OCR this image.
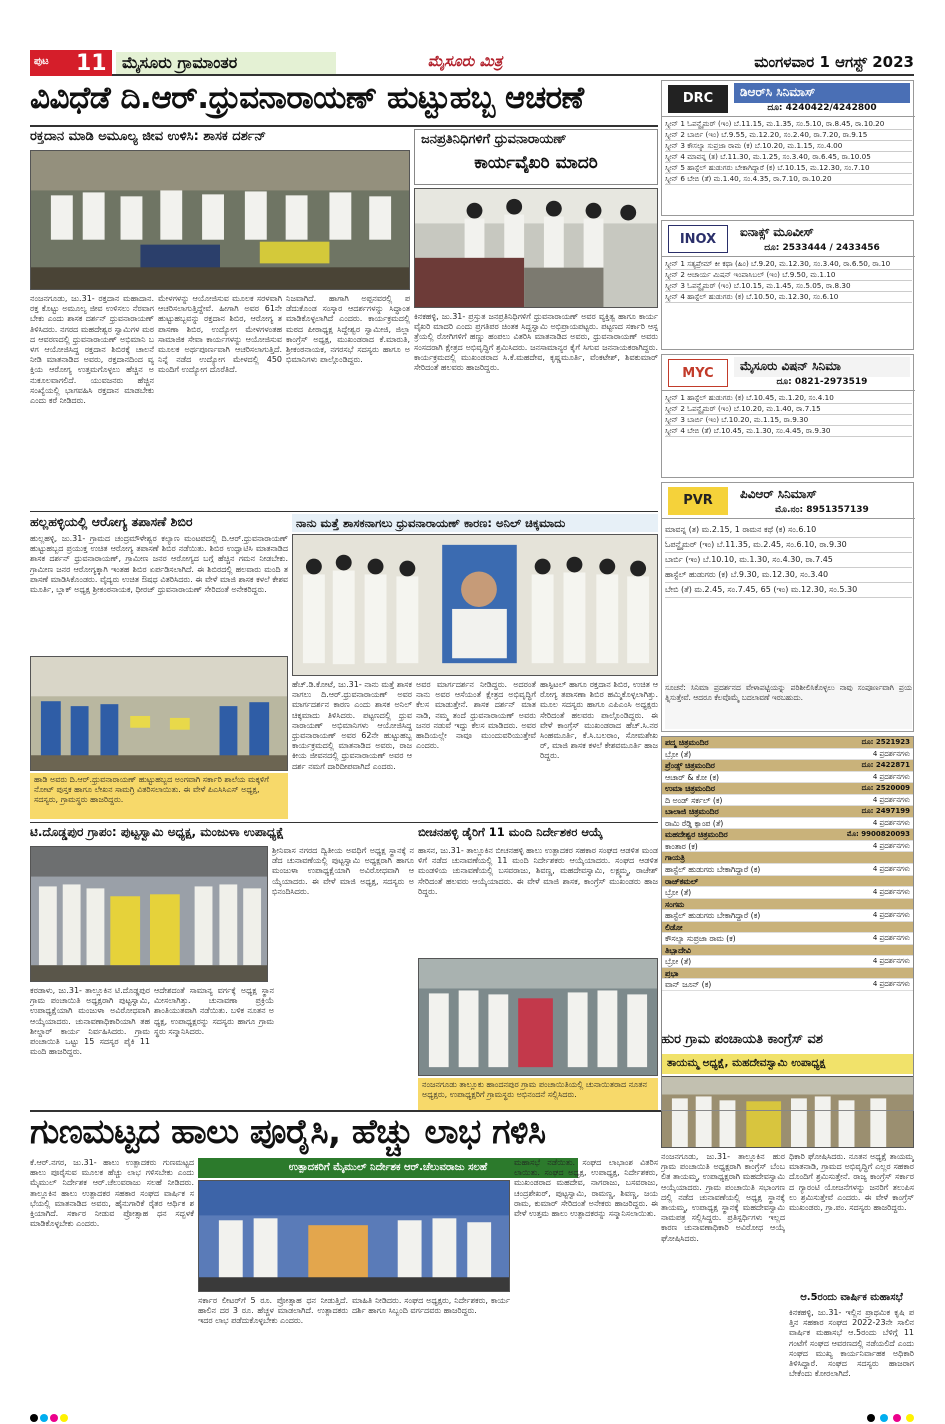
ಪುಟ 11 ಮೈಸೂರು ಗ್ರಾಮಾಂತರ	ಮೈಸೂರು ಮಿತ್ರ	ಮಂಗಳವಾರ 1 ಆಗಸ್ಟ್ 2023
ವಿವಿಧೆಡೆ ದಿ.ಆರ್.ಧ್ರುವನಾರಾಯಣ್ ಹುಟ್ಟುಹಬ್ಬ ಆಚರಣೆ
ರಕ್ತದಾನ ಮಾಡಿ ಅಮೂಲ್ಯ ಜೀವ ಉಳಿಸಿ: ಶಾಸಕ ದರ್ಶನ್
ನಂಜನಗೂಡು, ಜು.31- ರಕ್ತದಾನ ಮಹಾದಾನ. ರಕ್ತ ಕೊಟ್ಟು ಅಮೂಲ್ಯ ಜೀವ ಉಳಿಸಲು ನೆರವಾಗಬೇಕು ಎಂದು ಶಾಸಕ ದರ್ಶನ್ ಧ್ರುವನಾರಾಯಣ್ ತಿಳಿಸಿದರು. ನಗರದ ಮಹದೇಶ್ವರ ಸ್ವಾಮಿಗಳ ಮಠದ ಆವರಣದಲ್ಲಿ ಧ್ರುವನಾರಾಯಣ್ ಅಭಿಮಾನಿ ಬಳಗ ಆಯೋಜಿಸಿದ್ದ ರಕ್ತದಾನ ಶಿಬಿರಕ್ಕೆ ಚಾಲನೆ ನೀಡಿ ಮಾತನಾಡಿದ ಅವರು, ರಕ್ತದಾನದಿಂದ ವ್ಯಕ್ತಿಯ ಆರೋಗ್ಯ ಉತ್ತಮಗೊಳ್ಳಲು ಹೆಚ್ಚಿನ ಅನುಕೂಲವಾಗಲಿದೆ. ಯುವಜನರು ಹೆಚ್ಚಿನ ಸಂಖ್ಯೆಯಲ್ಲಿ ಭಾಗವಹಿಸಿ ರಕ್ತದಾನ ಮಾಡಬೇಕು ಎಂದು ಕರೆ ನೀಡಿದರು.
ಮೇಳಗಳನ್ನು ಆಯೋಜಿಸುವ ಮೂಲಕ ಸರಳವಾಗಿ ಆಚರಿಸಲಾಗುತ್ತಿದ್ದೇವೆ. ಹೀಗಾಗಿ ಅವರ 61ನೇ ಹುಟ್ಟುಹಬ್ಬವನ್ನು ರಕ್ತದಾನ ಶಿಬಿರ, ಆರೋಗ್ಯ ತಪಾಸಣಾ ಶಿಬಿರ, ಉದ್ಯೋಗ ಮೇಳಗಳಂತಹ ಸಾಮಾಜಿಕ ಸೇವಾ ಕಾರ್ಯಗಳನ್ನು ಆಯೋಜಿಸುವ ಮೂಲಕ ಅರ್ಥಪೂರ್ಣವಾಗಿ ಆಚರಿಸಲಾಗುತ್ತಿದೆ. ನಿನ್ನೆ ನಡೆದ ಉದ್ಯೋಗ ಮೇಳದಲ್ಲಿ 450 ಮಂದಿಗೆ ಉದ್ಯೋಗ ದೊರೆತಿದೆ.
ನಿಜವಾಗಿದೆ. ಹಾಗಾಗಿ ಅಪ್ಪನವರಲ್ಲಿ ಪಡೆದುಕೊಂಡ ಸಂಸ್ಕಾರ ಆದರ್ಶಗಳನ್ನು ಸಿದ್ಧಾಂತ ಮಾಡಿಕೊಳ್ಳಲಾಗಿದೆ ಎಂದರು. ಕಾರ್ಯಕ್ರಮದಲ್ಲಿ ಮಠದ ಪೀಠಾಧ್ಯಕ್ಷ ಸಿದ್ದೇಶ್ವರ ಸ್ವಾಮೀಜಿ, ಜಿಲ್ಲಾ ಕಾಂಗ್ರೆಸ್ ಅಧ್ಯಕ್ಷ, ಮುಖಂಡರಾದ ಕೆ.ಮಾರುತಿ, ಶ್ರೀಕಂಠನಾಯಕ, ನಗರಸಭೆ ಸದಸ್ಯರು ಹಾಗೂ ಅಭಿಮಾನಿಗಳು ಪಾಲ್ಗೊಂಡಿದ್ದರು.
ಜನಪ್ರತಿನಿಧಿಗಳಿಗೆ ಧ್ರುವನಾರಾಯಣ್
ಕಾರ್ಯವೈಖರಿ ಮಾದರಿ
ಕಿನಕಹಳ್ಳಿ, ಜು.31- ಪ್ರಸ್ತುತ ಜನಪ್ರತಿನಿಧಿಗಳಿಗೆ ಧ್ರುವನಾರಾಯಣ್ ಅವರ ವ್ಯಕ್ತಿತ್ವ ಹಾಗೂ ಕಾರ್ಯವೈಖರಿ ಮಾದರಿ ಎಂದು ಪ್ರಗತಿಪರ ಚಿಂತಕ ಸಿದ್ದಸ್ವಾಮಿ ಅಭಿಪ್ರಾಯಪಟ್ಟರು. ಪಟ್ಟಣದ ಸರ್ಕಾರಿ ಆಸ್ಪತ್ರೆಯಲ್ಲಿ ರೋಗಿಗಳಿಗೆ ಹಣ್ಣು ಹಂಪಲು ವಿತರಿಸಿ ಮಾತನಾಡಿದ ಅವರು, ಧ್ರುವನಾರಾಯಣ್ ಅವರು ಸಂಸದರಾಗಿ ಕ್ಷೇತ್ರದ ಅಭಿವೃದ್ಧಿಗೆ ಶ್ರಮಿಸಿದರು. ಜನಸಾಮಾನ್ಯರ ಕೈಗೆ ಸಿಗುವ ಜನನಾಯಕರಾಗಿದ್ದರು. ಕಾರ್ಯಕ್ರಮದಲ್ಲಿ ಮುಖಂಡರಾದ ಸಿ.ಕೆ.ಮಹದೇವ, ಕೃಷ್ಣಮೂರ್ತಿ, ವೆಂಕಟೇಶ್, ಶಿವಕುಮಾರ್ ಸೇರಿದಂತೆ ಹಲವರು ಹಾಜರಿದ್ದರು.
ಹಲ್ಲಹಳ್ಳಿಯಲ್ಲಿ ಆರೋಗ್ಯ ತಪಾಸಣೆ ಶಿಬಿರ
ಹುಲ್ಲಹಳ್ಳಿ, ಜು.31- ಗ್ರಾಮದ ಚಂದ್ರಮೌಳೇಶ್ವರ ಕಲ್ಯಾಣ ಮಂಟಪದಲ್ಲಿ ದಿ.ಆರ್.ಧ್ರುವನಾರಾಯಣ್ ಹುಟ್ಟುಹಬ್ಬದ ಪ್ರಯುಕ್ತ ಉಚಿತ ಆರೋಗ್ಯ ತಪಾಸಣೆ ಶಿಬಿರ ನಡೆಯಿತು. ಶಿಬಿರ ಉದ್ಘಾಟಿಸಿ ಮಾತನಾಡಿದ ಶಾಸಕ ದರ್ಶನ್ ಧ್ರುವನಾರಾಯಣ್, ಗ್ರಾಮೀಣ ಜನರ ಆರೋಗ್ಯದ ಬಗ್ಗೆ ಹೆಚ್ಚಿನ ಗಮನ ನೀಡಬೇಕು. ಗ್ರಾಮೀಣ ಜನರ ಆರೋಗ್ಯಕ್ಕಾಗಿ ಇಂತಹ ಶಿಬಿರ ಏರ್ಪಡಿಸಲಾಗಿದೆ. ಈ ಶಿಬಿರದಲ್ಲಿ ಹಲವಾರು ಮಂದಿ ತಪಾಸಣೆ ಮಾಡಿಸಿಕೊಂಡರು. ವೈದ್ಯರು ಉಚಿತ ಔಷಧ ವಿತರಿಸಿದರು. ಈ ವೇಳೆ ಮಾಜಿ ಶಾಸಕ ಕಳಲೆ ಕೇಶವಮೂರ್ತಿ, ಬ್ಲಾಕ್ ಅಧ್ಯಕ್ಷ ಶ್ರೀಕಂಠನಾಯಕ, ಧೀರಜ್ ಧ್ರುವನಾರಾಯಣ್ ಸೇರಿದಂತೆ ಅನೇಕರಿದ್ದರು.
ಹಾಡಿ ಅವರು ದಿ.ಆರ್.ಧ್ರುವನಾರಾಯಣ್ ಹುಟ್ಟುಹಬ್ಬದ ಅಂಗವಾಗಿ ಸರ್ಕಾರಿ ಶಾಲೆಯ ಮಕ್ಕಳಿಗೆ ನೋಟ್ ಪುಸ್ತಕ ಹಾಗೂ ಲೇಖನ ಸಾಮಗ್ರಿ ವಿತರಿಸಲಾಯಿತು. ಈ ವೇಳೆ ಪಿಎಸಿಸಿಎಸ್ ಅಧ್ಯಕ್ಷ, ಸದಸ್ಯರು, ಗ್ರಾಮಸ್ಥರು ಹಾಜರಿದ್ದರು.
ನಾನು ಮತ್ತೆ ಶಾಸಕನಾಗಲು ಧ್ರುವನಾರಾಯಣ್ ಕಾರಣ: ಅನಿಲ್ ಚಿಕ್ಕಮಾದು
ಹೆಚ್.ಡಿ.ಕೋಟೆ, ಜು.31- ನಾನು ಮತ್ತೆ ಶಾಸಕನಾಗಲು ದಿ.ಆರ್.ಧ್ರುವನಾರಾಯಣ್ ಅವರ ಮಾರ್ಗದರ್ಶನ ಕಾರಣ ಎಂದು ಶಾಸಕ ಅನಿಲ್ ಚಿಕ್ಕಮಾದು ತಿಳಿಸಿದರು. ಪಟ್ಟಣದಲ್ಲಿ ಧ್ರುವನಾರಾಯಣ್ ಅಭಿಮಾನಿಗಳು ಆಯೋಜಿಸಿದ್ದ ಧ್ರುವನಾರಾಯಣ್ ಅವರ 62ನೇ ಹುಟ್ಟುಹಬ್ಬ ಕಾರ್ಯಕ್ರಮದಲ್ಲಿ ಮಾತನಾಡಿದ ಅವರು, ರಾಜಕೀಯ ಜೀವನದಲ್ಲಿ ಧ್ರುವನಾರಾಯಣ್ ಅವರ ಆದರ್ಶ ನಮಗೆ ದಾರಿದೀಪವಾಗಿದೆ ಎಂದರು.
ಅವರ ಮಾರ್ಗದರ್ಶನ ನೀಡಿದ್ದರು. ಅದರಂತೆ ನಾನು ಅವರ ಆಸೆಯಂತೆ ಕ್ಷೇತ್ರದ ಅಭಿವೃದ್ಧಿಗೆ ಕೆಲಸ ಮಾಡುತ್ತೇನೆ. ಶಾಸಕ ದರ್ಶನ್ ಮಾತನಾಡಿ, ನಮ್ಮ ತಂದೆ ಧ್ರುವನಾರಾಯಣ್ ಅವರು ಜನರ ನಡುವೆ ಇದ್ದು ಕೆಲಸ ಮಾಡಿದರು. ಅವರ ಹಾದಿಯಲ್ಲೇ ನಾವೂ ಮುಂದುವರಿಯುತ್ತೇವೆ ಎಂದರು.
ಹಾಸ್ಪಿಟಲ್ ಹಾಗೂ ರಕ್ತದಾನ ಶಿಬಿರ, ಉಚಿತ ಆರೋಗ್ಯ ತಪಾಸಣಾ ಶಿಬಿರ ಹಮ್ಮಿಕೊಳ್ಳಲಾಗಿತ್ತು. ಮೂಲ ಸದಸ್ಯರು ಹಾಗೂ ಎಪಿಎಂಸಿ ಅಧ್ಯಕ್ಷರು ಸೇರಿದಂತೆ ಹಲವರು ಪಾಲ್ಗೊಂಡಿದ್ದರು. ಈ ವೇಳೆ ಕಾಂಗ್ರೆಸ್ ಮುಖಂಡರಾದ ಹೆಚ್.ಸಿ.ನರಸಿಂಹಮೂರ್ತಿ, ಕೆ.ಸಿ.ಬಲರಾಂ, ಸೋಮಶೇಖರ್, ಮಾಜಿ ಶಾಸಕ ಕಳಲೆ ಕೇಶವಮೂರ್ತಿ ಹಾಜರಿದ್ದರು.
ಟಿ.ದೊಡ್ಡಪುರ ಗ್ರಾಪಂ: ಪುಟ್ಟಸ್ವಾಮಿ ಅಧ್ಯಕ್ಷ, ಮಂಜುಳಾ ಉಪಾಧ್ಯಕ್ಷೆ
ಶ್ರೀನಿವಾಸ ನಗರದ ದ್ವಿತೀಯ ಅವಧಿಗೆ ಅಧ್ಯಕ್ಷ ಸ್ಥಾನಕ್ಕೆ ನಡೆದ ಚುನಾವಣೆಯಲ್ಲಿ ಪುಟ್ಟಸ್ವಾಮಿ ಅಧ್ಯಕ್ಷರಾಗಿ ಹಾಗೂ ಮಂಜುಳಾ ಉಪಾಧ್ಯಕ್ಷೆಯಾಗಿ ಅವಿರೋಧವಾಗಿ ಆಯ್ಕೆಯಾದರು. ಈ ವೇಳೆ ಮಾಜಿ ಅಧ್ಯಕ್ಷ, ಸದಸ್ಯರು ಅಭಿನಂದಿಸಿದರು.
ಕರಡಾಳು, ಜು.31- ತಾಲ್ಲೂಕಿನ ಟಿ.ದೊಡ್ಡಪುರ ಗ್ರಾಮ ಪಂಚಾಯಿತಿ ಅಧ್ಯಕ್ಷರಾಗಿ ಪುಟ್ಟಸ್ವಾಮಿ, ಉಪಾಧ್ಯಕ್ಷೆಯಾಗಿ ಮಂಜುಳಾ ಅವಿರೋಧವಾಗಿ ಆಯ್ಕೆಯಾದರು. ಚುನಾವಣಾಧಿಕಾರಿಯಾಗಿ ತಹಶೀಲ್ದಾರ್ ಕಾರ್ಯ ನಿರ್ವಹಿಸಿದರು. ಗ್ರಾಮ ಪಂಚಾಯಿತಿ ಒಟ್ಟು 15 ಸದಸ್ಯರ ಪೈಕಿ 11 ಮಂದಿ ಹಾಜರಿದ್ದರು.
ಆದೇಶದಂತೆ ಸಾಮಾನ್ಯ ವರ್ಗಕ್ಕೆ ಅಧ್ಯಕ್ಷ ಸ್ಥಾನ ಮೀಸಲಾಗಿತ್ತು. ಚುನಾವಣಾ ಪ್ರಕ್ರಿಯೆ ಶಾಂತಿಯುತವಾಗಿ ನಡೆಯಿತು. ಬಳಿಕ ನೂತನ ಅಧ್ಯಕ್ಷ, ಉಪಾಧ್ಯಕ್ಷರನ್ನು ಸದಸ್ಯರು ಹಾಗೂ ಗ್ರಾಮಸ್ಥರು ಸನ್ಮಾನಿಸಿದರು.
ಬೀಚನಹಳ್ಳಿ ಡೈರಿಗೆ 11 ಮಂದಿ ನಿರ್ದೇಶಕರ ಆಯ್ಕೆ
ಹಾಸನ, ಜು.31- ತಾಲ್ಲೂಕಿನ ಬೀಚನಹಳ್ಳಿ ಹಾಲು ಉತ್ಪಾದಕರ ಸಹಕಾರ ಸಂಘದ ಆಡಳಿತ ಮಂಡಳಿಗೆ ನಡೆದ ಚುನಾವಣೆಯಲ್ಲಿ 11 ಮಂದಿ ನಿರ್ದೇಶಕರು ಆಯ್ಕೆಯಾದರು. ಸಂಘದ ಆಡಳಿತ ಮಂಡಳಿಯ ಚುನಾವಣೆಯಲ್ಲಿ ಬಸವರಾಜು, ಶಿವಣ್ಣ, ಮಹದೇವಸ್ವಾಮಿ, ಲಕ್ಷ್ಮಮ್ಮ, ರಾಜೇಶ್ ಸೇರಿದಂತೆ ಹಲವರು ಆಯ್ಕೆಯಾದರು. ಈ ವೇಳೆ ಮಾಜಿ ಶಾಸಕ, ಕಾಂಗ್ರೆಸ್ ಮುಖಂಡರು ಹಾಜರಿದ್ದರು.
ನಂಜನಗೂಡು ತಾಲ್ಲೂಕು ಹಾಂದನಪುರ ಗ್ರಾಮ ಪಂಚಾಯಿತಿಯಲ್ಲಿ ಚುನಾಯಿತರಾದ ನೂತನ ಅಧ್ಯಕ್ಷರು, ಉಪಾಧ್ಯಕ್ಷರಿಗೆ ಗ್ರಾಮಸ್ಥರು ಅಭಿನಂದನೆ ಸಲ್ಲಿಸಿದರು.
ಗುಣಮಟ್ಟದ ಹಾಲು ಪೂರೈಸಿ, ಹೆಚ್ಚು ಲಾಭ ಗಳಿಸಿ
ಉತ್ಪಾದಕರಿಗೆ ಮೈಮುಲ್ ನಿರ್ದೇಶಕ ಆರ್.ಚೆಲುವರಾಜು ಸಲಹೆ
ಕೆ.ಆರ್.ನಗರ, ಜು.31- ಹಾಲು ಉತ್ಪಾದಕರು ಗುಣಮಟ್ಟದ ಹಾಲು ಪೂರೈಸುವ ಮೂಲಕ ಹೆಚ್ಚು ಲಾಭ ಗಳಿಸಬೇಕು ಎಂದು ಮೈಮುಲ್ ನಿರ್ದೇಶಕ ಆರ್.ಚೆಲುವರಾಜು ಸಲಹೆ ನೀಡಿದರು. ತಾಲ್ಲೂಕಿನ ಹಾಲು ಉತ್ಪಾದಕರ ಸಹಕಾರ ಸಂಘದ ವಾರ್ಷಿಕ ಸಭೆಯಲ್ಲಿ ಮಾತನಾಡಿದ ಅವರು, ಹೈನುಗಾರಿಕೆ ರೈತರ ಆರ್ಥಿಕ ಶಕ್ತಿಯಾಗಿದೆ. ಸರ್ಕಾರ ನೀಡುವ ಪ್ರೋತ್ಸಾಹ ಧನ ಸದ್ಬಳಕೆ ಮಾಡಿಕೊಳ್ಳಬೇಕು ಎಂದರು.
ಸರ್ಕಾರ ಲೀಟರ್‌ಗೆ 5 ರೂ. ಪ್ರೋತ್ಸಾಹ ಧನ ನೀಡುತ್ತಿದೆ. ಹಾಲಿನ ದರ 3 ರೂ. ಹೆಚ್ಚಳ ಮಾಡಲಾಗಿದೆ. ಉತ್ಪಾದಕರು ಇದರ ಲಾಭ ಪಡೆದುಕೊಳ್ಳಬೇಕು ಎಂದರು.
ಮಾಹಿತಿ ನೀಡಿದರು. ಸಂಘದ ಅಧ್ಯಕ್ಷರು, ನಿರ್ದೇಶಕರು, ಕಾರ್ಯದರ್ಶಿ ಹಾಗೂ ಸಿಬ್ಬಂದಿ ವರ್ಗದವರು ಹಾಜರಿದ್ದರು.
ಮಹಾಸಭೆ ನಡೆಯಿತು. ಸಂಘದ ಲಾಭಾಂಶ ವಿತರಿಸಲಾಯಿತು. ಸಂಘದ ಅಧ್ಯಕ್ಷ, ಉಪಾಧ್ಯಕ್ಷ, ನಿರ್ದೇಶಕರು, ಮುಖಂಡರಾದ ಮಹದೇವ, ನಾಗರಾಜು, ಬಸವರಾಜು, ಚಂದ್ರಶೇಖರ್, ಪುಟ್ಟಸ್ವಾಮಿ, ರಾಮಣ್ಣ, ಶಿವಣ್ಣ, ಜಯರಾಮ, ಕುಮಾರ್ ಸೇರಿದಂತೆ ಅನೇಕರು ಹಾಜರಿದ್ದರು. ಈ ವೇಳೆ ಉತ್ತಮ ಹಾಲು ಉತ್ಪಾದಕರನ್ನು ಸನ್ಮಾನಿಸಲಾಯಿತು.
ಹುರ ಗ್ರಾಮ ಪಂಚಾಯತಿ ಕಾಂಗ್ರೆಸ್ ವಶ
ತಾಯಮ್ಮ ಅಧ್ಯಕ್ಷೆ, ಮಹದೇವಸ್ವಾಮಿ ಉಪಾಧ್ಯಕ್ಷ
ನಂಜನಗೂಡು, ಜು.31- ತಾಲ್ಲೂಕಿನ ಹುರ ಗ್ರಾಮ ಪಂಚಾಯಿತಿ ಅಧ್ಯಕ್ಷರಾಗಿ ಕಾಂಗ್ರೆಸ್ ಬೆಂಬಲಿತ ತಾಯಮ್ಮ, ಉಪಾಧ್ಯಕ್ಷರಾಗಿ ಮಹದೇವಸ್ವಾಮಿ ಆಯ್ಕೆಯಾದರು. ಗ್ರಾಮ ಪಂಚಾಯಿತಿ ಸಭಾಂಗಣದಲ್ಲಿ ನಡೆದ ಚುನಾವಣೆಯಲ್ಲಿ ಅಧ್ಯಕ್ಷ ಸ್ಥಾನಕ್ಕೆ ತಾಯಮ್ಮ, ಉಪಾಧ್ಯಕ್ಷ ಸ್ಥಾನಕ್ಕೆ ಮಹದೇವಸ್ವಾಮಿ ನಾಮಪತ್ರ ಸಲ್ಲಿಸಿದ್ದರು. ಪ್ರತಿಸ್ಪರ್ಧಿಗಳು ಇಲ್ಲದ ಕಾರಣ ಚುನಾವಣಾಧಿಕಾರಿ ಅವಿರೋಧ ಆಯ್ಕೆ ಘೋಷಿಸಿದರು.
ಧಿಕಾರಿ ಘೋಷಿಸಿದರು. ನೂತನ ಅಧ್ಯಕ್ಷೆ ತಾಯಮ್ಮ ಮಾತನಾಡಿ, ಗ್ರಾಮದ ಅಭಿವೃದ್ಧಿಗೆ ಎಲ್ಲರ ಸಹಕಾರದೊಂದಿಗೆ ಶ್ರಮಿಸುತ್ತೇನೆ. ರಾಜ್ಯ ಕಾಂಗ್ರೆಸ್ ಸರ್ಕಾರದ ಗ್ಯಾರಂಟಿ ಯೋಜನೆಗಳನ್ನು ಜನರಿಗೆ ತಲುಪಿಸಲು ಶ್ರಮಿಸುತ್ತೇವೆ ಎಂದರು. ಈ ವೇಳೆ ಕಾಂಗ್ರೆಸ್ ಮುಖಂಡರು, ಗ್ರಾ.ಪಂ. ಸದಸ್ಯರು ಹಾಜರಿದ್ದರು.
ಆ.5ರಂದು ವಾರ್ಷಿಕ ಮಹಾಸಭೆ
ಕಿನಕಹಳ್ಳಿ, ಜು.31- ಇಲ್ಲಿನ ಪ್ರಾಥಮಿಕ ಕೃಷಿ ಪತ್ತಿನ ಸಹಕಾರ ಸಂಘದ 2022-23ನೇ ಸಾಲಿನ ವಾರ್ಷಿಕ ಮಹಾಸಭೆ ಆ.5ರಂದು ಬೆಳಿಗ್ಗೆ 11 ಗಂಟೆಗೆ ಸಂಘದ ಆವರಣದಲ್ಲಿ ನಡೆಯಲಿದೆ ಎಂದು ಸಂಘದ ಮುಖ್ಯ ಕಾರ್ಯನಿರ್ವಾಹಕ ಅಧಿಕಾರಿ ತಿಳಿಸಿದ್ದಾರೆ. ಸಂಘದ ಸದಸ್ಯರು ಹಾಜರಾಗಬೇಕೆಂದು ಕೋರಲಾಗಿದೆ.
DRC	ಡಿಆರ್‌ಸಿ ಸಿನಿಮಾಸ್
ದೂ: 4240422/4242800
ಸ್ಕ್ರೀನ್ 1 ಓಪನ್ಹೈಮರ್ (ಇಂ) ಬೆ.11.15, ಮ.1.35, ಸಂ.5.10, ರಾ.8.45, ರಾ.10.20
ಸ್ಕ್ರೀನ್ 2 ಬಾರ್ಬಿ (ಇಂ) ಬೆ.9.55, ಮ.12.20, ಸಂ.2.40, ರಾ.7.20, ರಾ.9.15
ಸ್ಕ್ರೀನ್ 3 ಕೌಸಲ್ಯಾ ಸುಪ್ರಜಾ ರಾಮ (ಕ) ಬೆ.10.20, ಮ.1.15, ಸಂ.4.00
ಸ್ಕ್ರೀನ್ 4 ಮಾವನ್ನ (ತ) ಬೆ.11.30, ಮ.1.25, ಸಂ.3.40, ರಾ.6.45, ರಾ.10.05
ಸ್ಕ್ರೀನ್ 5 ಹಾಸ್ಟೆಲ್ ಹುಡುಗರು ಬೇಕಾಗಿದ್ದಾರೆ (ಕ) ಬೆ.10.15, ಮ.12.30, ಸಂ.7.10
ಸ್ಕ್ರೀನ್ 6 ಬೇಬಿ (ತೆ) ಮ.1.40, ಸಂ.4.35, ರಾ.7.10, ರಾ.10.20
INOX	ಐನಾಕ್ಸ್ ಮೂವೀಸ್
ದೂ: 2533444 / 2433456
ಸ್ಕ್ರೀನ್ 1 ಸತ್ಯಪ್ರೇಮ್ ಕೀ ಕಥಾ (ಹಿಂ) ಬೆ.9.20, ಮ.12.30, ಸಂ.3.40, ರಾ.6.50, ರಾ.10
ಸ್ಕ್ರೀನ್ 2 ಆಚಾರ್ಯ ಮಿಷನ್ ಇಂಪಾಸಿಬಲ್ (ಇಂ) ಬೆ.9.50, ಮ.1.10
ಸ್ಕ್ರೀನ್ 3 ಓಪನ್ಹೈಮರ್ (ಇಂ) ಬೆ.10.15, ಮ.1.45, ಸಂ.5.05, ರಾ.8.30
ಸ್ಕ್ರೀನ್ 4 ಹಾಸ್ಟೆಲ್ ಹುಡುಗರು (ಕ) ಬೆ.10.50, ಮ.12.30, ಸಂ.6.10
MYC	ಮೈಸೂರು ವಿಷನ್ ಸಿನಿಮಾ
ದೂ: 0821-2973519
ಸ್ಕ್ರೀನ್ 1 ಹಾಸ್ಟೆಲ್ ಹುಡುಗರು (ಕ) ಬೆ.10.45, ಮ.1.20, ಸಂ.4.10
ಸ್ಕ್ರೀನ್ 2 ಓಪನ್ಹೈಮರ್ (ಇಂ) ಬೆ.10.20, ಮ.1.40, ರಾ.7.15
ಸ್ಕ್ರೀನ್ 3 ಬಾರ್ಬಿ (ಇಂ) ಬೆ.10.20, ಮ.1.15, ರಾ.9.30
ಸ್ಕ್ರೀನ್ 4 ಬೇಬಿ (ತೆ) ಬೆ.10.45, ಮ.1.30, ಸಂ.4.45, ರಾ.9.30
PVR	ಪಿವಿಆರ್ ಸಿನಿಮಾಸ್
ಮೊ.ನಂ: 8951357139
ಮಾವನ್ನ (ತ) ಮ.2.15, 1 ರಾಮನ ಕಥೆ (ಕ) ಸಂ.6.10
ಓಪನ್ಹೈಮರ್ (ಇಂ) ಬೆ.11.35, ಮ.2.45, ಸಂ.6.10, ರಾ.9.30
ಬಾರ್ಬಿ (ಇಂ) ಬೆ.10.10, ಮ.1.30, ಸಂ.4.30, ರಾ.7.45
ಹಾಸ್ಟೆಲ್ ಹುಡುಗರು (ಕ) ಬೆ.9.30, ಮ.12.30, ಸಂ.3.40
ಬೇಬಿ (ತೆ) ಮ.2.45, ಸಂ.7.45, 65 (ಇಂ) ಮ.12.30, ಸಂ.5.30
ಸೂಚನೆ: ಸಿನಿಮಾ ಪ್ರದರ್ಶನದ ವೇಳಾಪಟ್ಟಿಯನ್ನು ಪರಿಶೀಲಿಸಿಕೊಳ್ಳಲು ನಾವು ಸಂಪೂರ್ಣವಾಗಿ ಪ್ರಯತ್ನಿಸುತ್ತೇವೆ. ಆದರೂ ಕೆಲವೊಮ್ಮೆ ಬದಲಾವಣೆ ಇರಬಹುದು.
ಪದ್ಮ ಚಿತ್ರಮಂದಿರ	ದೂ: 2521923
ಬ್ರೋ (ತೆ)	4 ಪ್ರದರ್ಶನಗಳು
ಪ್ರೆಂಡ್ಸ್ ಚಿತ್ರಮಂದಿರ	ದೂ: 2422871
ಆಚಾರ್ & ಕೋ (ಕ)	4 ಪ್ರದರ್ಶನಗಳು
ಉಮಾ ಚಿತ್ರಮಂದಿರ	ದೂ: 2520009
ದಿ ಅಂಡ್ ಸರ್ಕಲ್ (ಕ)	4 ಪ್ರದರ್ಶನಗಳು
ಬಾಲಾಜಿ ಚಿತ್ರಮಂದಿರ	ದೂ: 2497199
ರಾಮಿ ರೆಡ್ಡಿ ಕ್ಯಾಂಪ (ತೆ)	4 ಪ್ರದರ್ಶನಗಳು
ಮಹದೇಶ್ವರ ಚಿತ್ರಮಂದಿರ	ಮೊ: 9900820093
ಕಾಂತಾರ (ಕ)	4 ಪ್ರದರ್ಶನಗಳು
ಗಾಯತ್ರಿ
ಹಾಸ್ಟೆಲ್ ಹುಡುಗರು ಬೇಕಾಗಿದ್ದಾರೆ (ಕ)	4 ಪ್ರದರ್ಶನಗಳು
ರಾಜ್‌ಕಮಲ್
ಬ್ರೋ (ತೆ)	4 ಪ್ರದರ್ಶನಗಳು
ಸಂಗಮ
ಹಾಸ್ಟೆಲ್ ಹುಡುಗರು ಬೇಕಾಗಿದ್ದಾರೆ (ಕ)	4 ಪ್ರದರ್ಶನಗಳು
ಲಿಡೋ
ಕೌಸಲ್ಯಾ ಸುಪ್ರಜಾ ರಾಮ (ಕ)	4 ಪ್ರದರ್ಶನಗಳು
ತಿಬ್ಬಾದೇವಿ
ಬ್ರೋ (ತೆ)	4 ಪ್ರದರ್ಶನಗಳು
ಪ್ರಭಾ
ವಾನ್ ಜೂನ್ (ಕ)	4 ಪ್ರದರ್ಶನಗಳು
